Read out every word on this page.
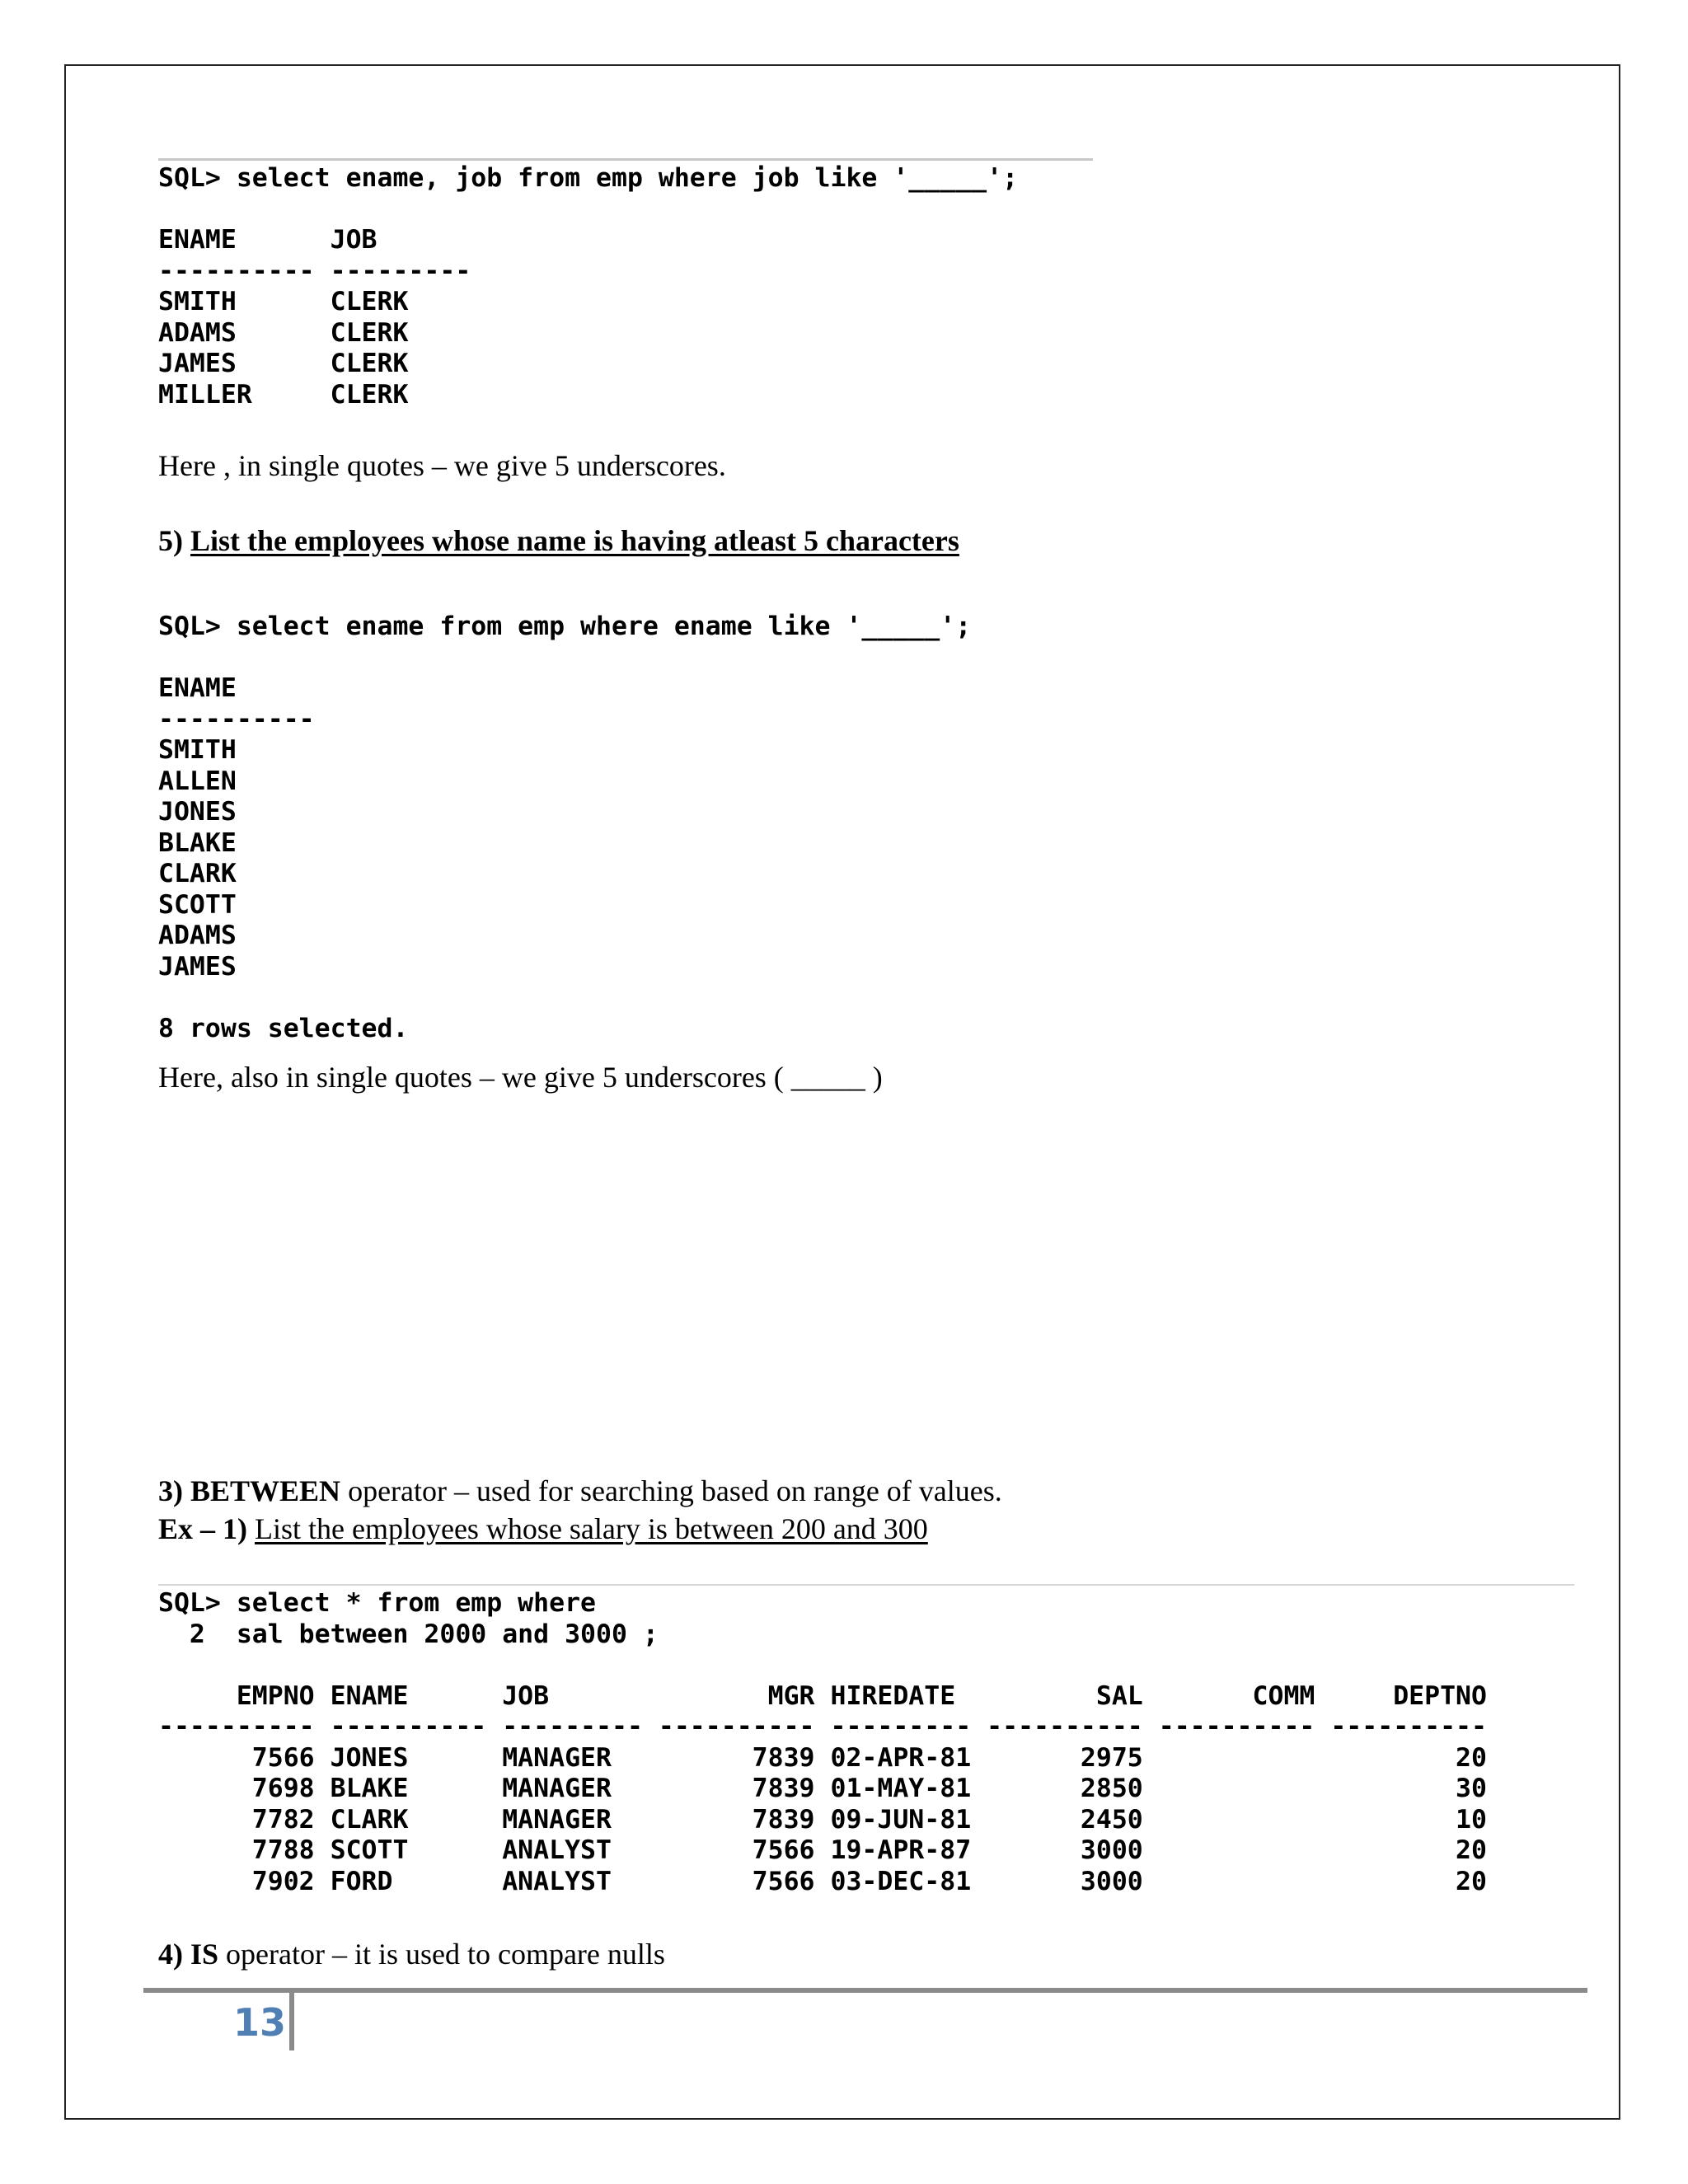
SQL> select ename, job from emp where job like '_____';

ENAME      JOB
---------- ---------
SMITH      CLERK
ADAMS      CLERK
JAMES      CLERK
MILLER     CLERK
Here , in single quotes – we give 5 underscores.
5) List the employees whose name is having atleast 5 characters
SQL> select ename from emp where ename like '_____';

ENAME
----------
SMITH
ALLEN
JONES
BLAKE
CLARK
SCOTT
ADAMS
JAMES

8 rows selected.
Here, also in single quotes – we give 5 underscores ( _____ )
3) BETWEEN operator – used for searching based on range of values.
Ex – 1) List the employees whose salary is between 200 and 300
SQL> select * from emp where
2  sal between 2000 and 3000 ;

EMPNO ENAME      JOB              MGR HIREDATE         SAL       COMM     DEPTNO
---------- ---------- --------- ---------- --------- ---------- ---------- ----------
7566 JONES      MANAGER         7839 02-APR-81       2975                    20
7698 BLAKE      MANAGER         7839 01-MAY-81       2850                    30
7782 CLARK      MANAGER         7839 09-JUN-81       2450                    10
7788 SCOTT      ANALYST         7566 19-APR-87       3000                    20
7902 FORD       ANALYST         7566 03-DEC-81       3000                    20
4) IS operator – it is used to compare nulls
13
